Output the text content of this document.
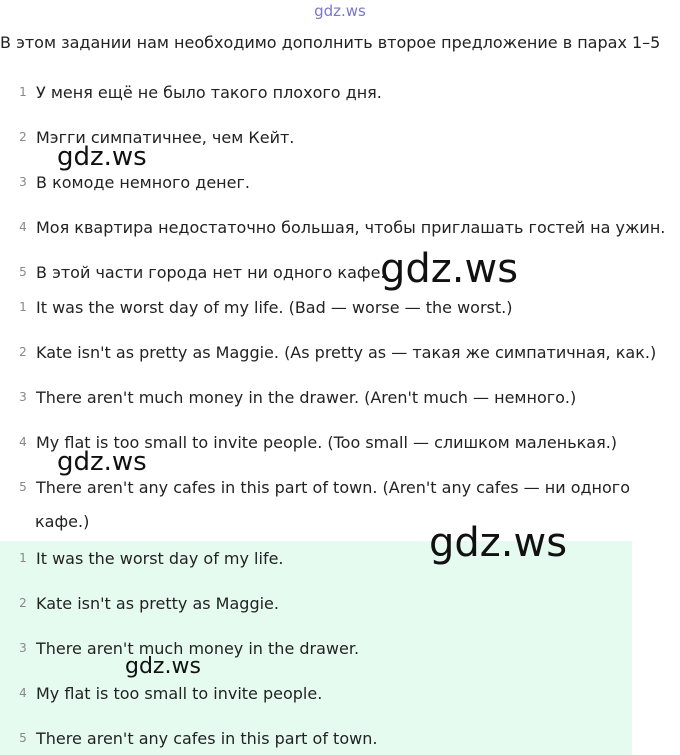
gdz.ws
В этом задании нам необходимо дополнить второе предложение в парах 1–5
1 У меня ещё не было такого плохого дня.
2 Мэгги симпатичнее, чем Кейт.
3 В комоде немного денег.
4 Моя квартира недостаточно большая, чтобы приглашать гостей на ужин.
5 В этой части города нет ни одного кафе.
1 It was the worst day of my life. (Bad — worse — the worst.)
2 Kate isn't as pretty as Maggie. (As pretty as — такая же симпатичная, как.)
3 There aren't much money in the drawer. (Aren't much — немного.)
4 My flat is too small to invite people. (Too small — слишком маленькая.)
5 There aren't any cafes in this part of town. (Aren't any cafes — ни одного
кафе.)
1 It was the worst day of my life.
2 Kate isn't as pretty as Maggie.
3 There aren't much money in the drawer.
4 My flat is too small to invite people.
5 There aren't any cafes in this part of town.
gdz.ws
gdz.ws
gdz.ws
gdz.ws
gdz.ws
